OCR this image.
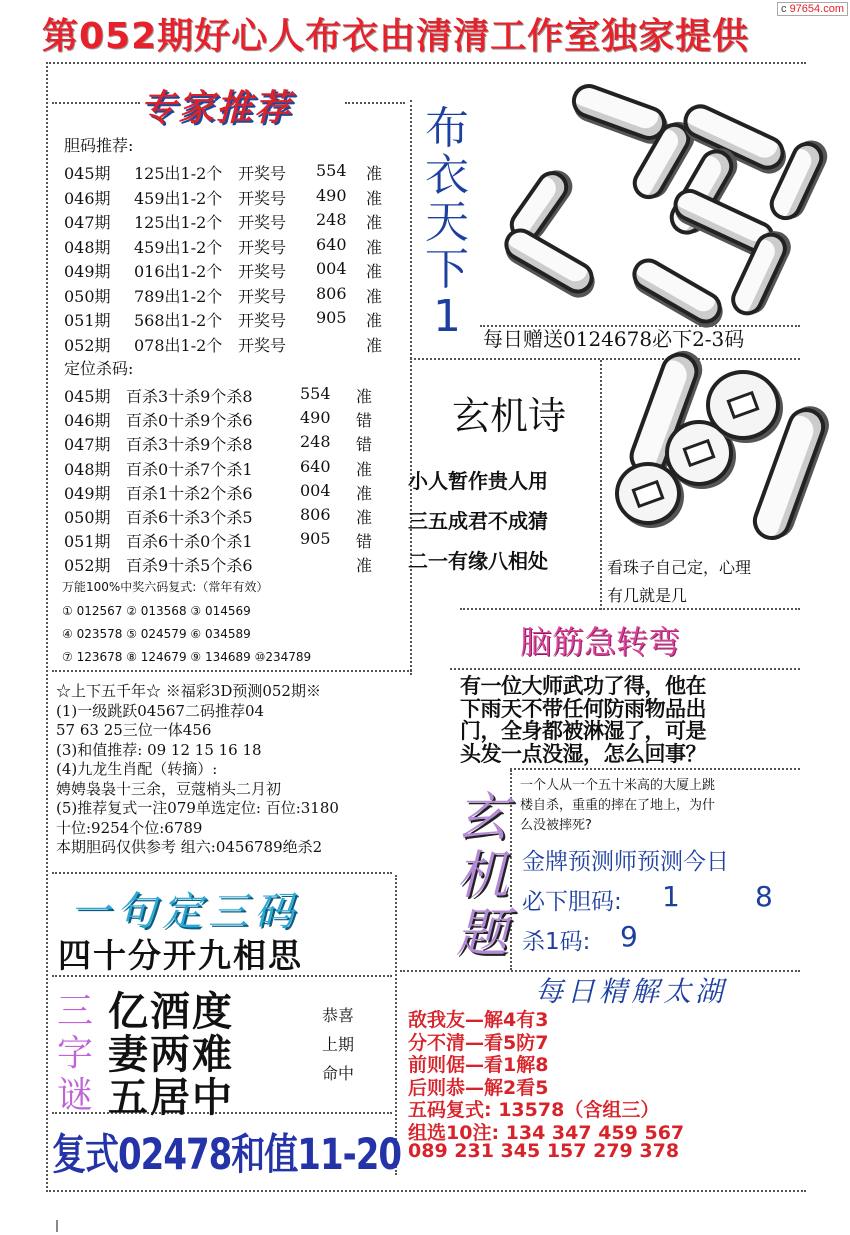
c 97654.com
第052期好心人布衣由清清工作室独家提供
专家推荐
胆码推荐:
045期 125出1-2个 开奖号 554 准
046期 459出1-2个 开奖号 490 准
047期 125出1-2个 开奖号 248 准
048期 459出1-2个 开奖号 640 准
049期 016出1-2个 开奖号 004 准
050期 789出1-2个 开奖号 806 准
051期 568出1-2个 开奖号 905 准
052期 078出1-2个 开奖号	准
定位杀码:
045期 百杀3十杀9个杀8	554 准
046期 百杀0十杀9个杀6	490 错
047期 百杀3十杀9个杀8	248 错
048期 百杀0十杀7个杀1	640 准
049期 百杀1十杀2个杀6	004 准
050期 百杀6十杀3个杀5	806 准
051期 百杀6十杀0个杀1	905 错
052期 百杀9十杀5个杀6	准
万能100%中奖六码复式:（常年有效）
① 012567 ② 013568 ③ 014569
④ 023578 ⑤ 024579 ⑥ 034589
⑦ 123678 ⑧ 124679 ⑨ 134689 ⑩234789
☆上下五千年☆ ※福彩3D预测052期※
(1)一级跳跃04567二码推荐04
57 63 25三位一体456
(3)和值推荐: 09 12 15 16 18
(4)九龙生肖配（转摘）:
娉娉袅袅十三余，豆蔻梢头二月初
(5)推荐复式一注079单选定位: 百位:3180
十位:9254个位:6789
本期胆码仅供参考 组六:0456789绝杀2
布
衣
天
下
1	每日赠送0124678必下2-3码
玄机诗
小人暂作贵人用
三五成君不成猜
二一有缘八相处	看珠子自己定，心理
有几就是几
脑筋急转弯
有一位大师武功了得，他在
下雨天不带任何防雨物品出
门，全身都被淋湿了，可是
头发一点没湿，怎么回事？
玄
机
题
一个人从一个五十米高的大厦上跳
楼自杀，重重的摔在了地上，为什
么没被摔死?
金牌预测师预测今日
必下胆码: 1	8
杀1码: 9
一句定三码
四十分开九相思
三
字
谜
亿酒度
妻两难
五居中
恭喜
上期
命中
复式02478和值11-20
每日精解太湖
敌我友—解4有3
分不清—看5防7
前则倨—看1解8
后则恭—解2看5
五码复式: 13578（含组三）
组选10注: 134 347 459 567
089 231 345 157 279 378
